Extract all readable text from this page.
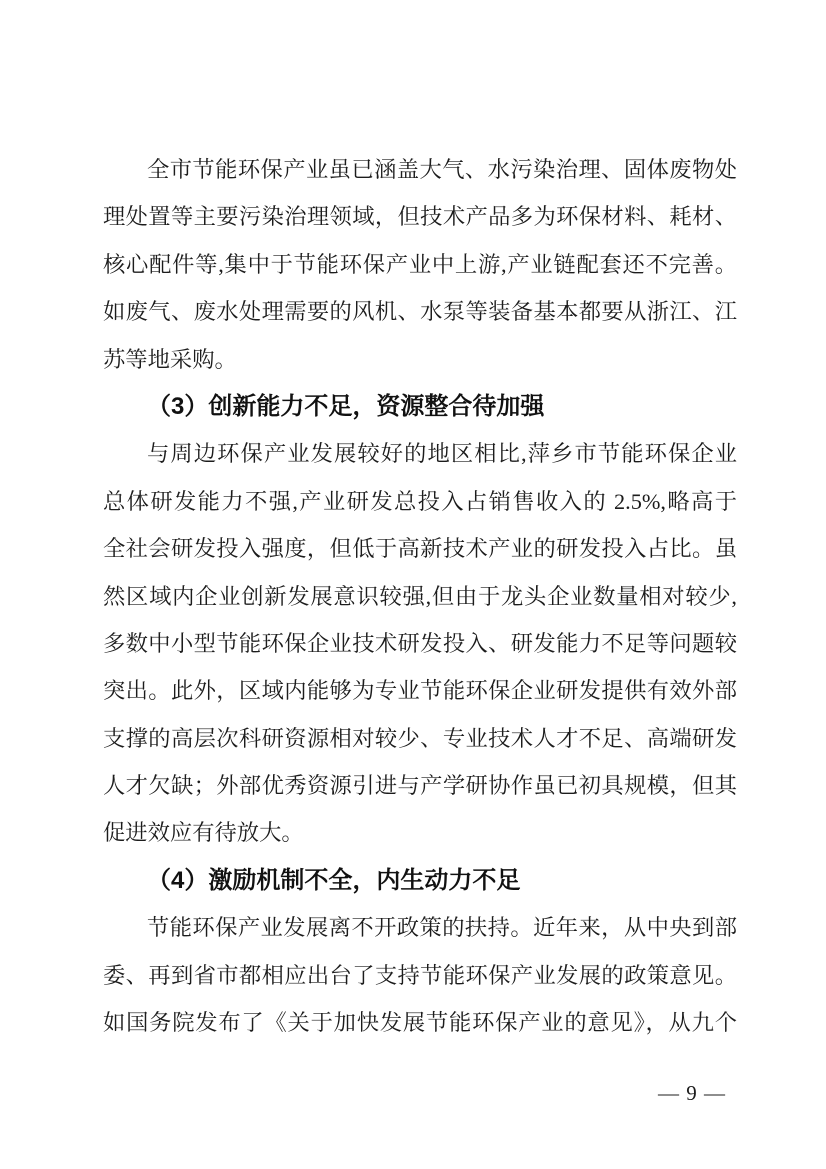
全市节能环保产业虽已涵盖大气、水污染治理、固体废物处
理处置等主要污染治理领域，但技术产品多为环保材料、耗材、
核心配件等,集中于节能环保产业中上游,产业链配套还不完善。
如废气、废水处理需要的风机、水泵等装备基本都要从浙江、江
苏等地采购。
（3）创新能力不足，资源整合待加强
与周边环保产业发展较好的地区相比,萍乡市节能环保企业
总体研发能力不强,产业研发总投入占销售收入的 2.5%,略高于
全社会研发投入强度，但低于高新技术产业的研发投入占比。虽
然区域内企业创新发展意识较强,但由于龙头企业数量相对较少,
多数中小型节能环保企业技术研发投入、研发能力不足等问题较
突出。此外，区域内能够为专业节能环保企业研发提供有效外部
支撑的高层次科研资源相对较少、专业技术人才不足、高端研发
人才欠缺；外部优秀资源引进与产学研协作虽已初具规模，但其
促进效应有待放大。
（4）激励机制不全，内生动力不足
节能环保产业发展离不开政策的扶持。近年来，从中央到部
委、再到省市都相应出台了支持节能环保产业发展的政策意见。
如国务院发布了《关于加快发展节能环保产业的意见》，从九个
— 9 —
